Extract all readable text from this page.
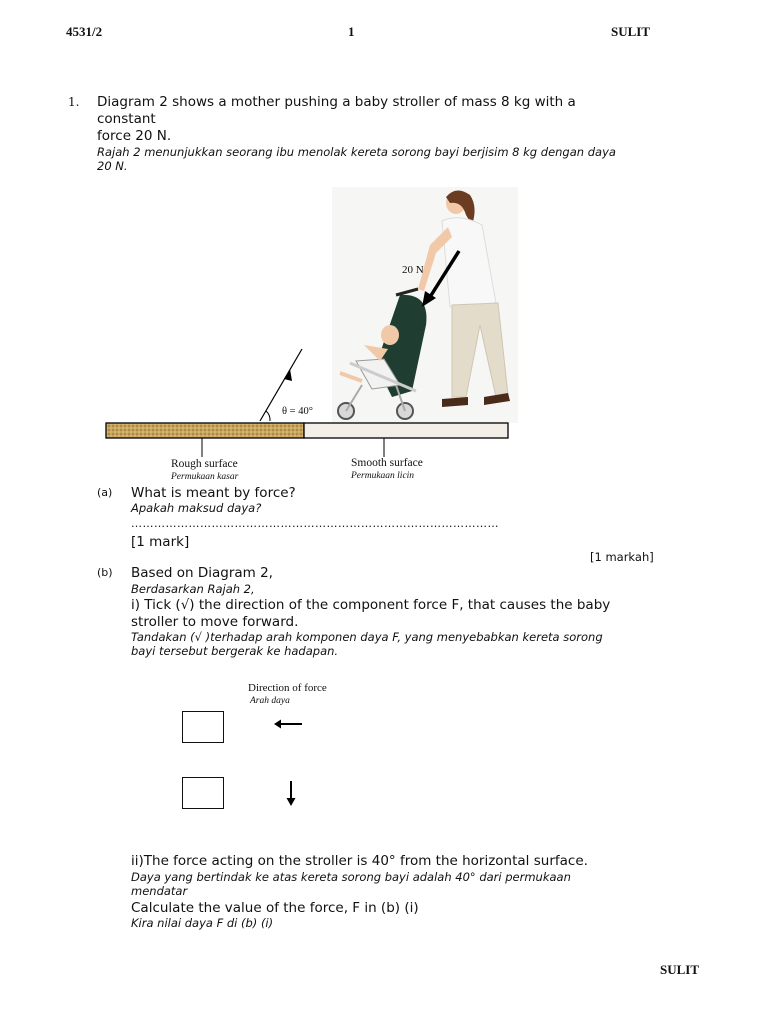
4531/2	1	SULIT
1. Diagram 2 shows a mother pushing a baby stroller of mass 8 kg with a
constant
force 20 N.
Rajah 2 menunjukkan seorang ibu menolak kereta sorong bayi berjisim 8 kg dengan daya
20 N.
20 N
θ = 40°
Rough surface
Permukaan kasar
Smooth surface
Permukaan licin
(a) What is meant by force?
Apakah maksud daya?
……………………………………………………………………………………
[1 mark]
[1 markah]
(b) Based on Diagram 2,
Berdasarkan Rajah 2,
i) Tick (√) the direction of the component force F, that causes the baby
stroller to move forward.
Tandakan (√ )terhadap arah komponen daya F, yang menyebabkan kereta sorong
bayi tersebut bergerak ke hadapan.
Direction of force
Arah daya
ii)The force acting on the stroller is 40° from the horizontal surface.
Daya yang bertindak ke atas kereta sorong bayi adalah 40° dari permukaan
mendatar
Calculate the value of the force, F in (b) (i)
Kira nilai daya F di (b) (i)
SULIT
